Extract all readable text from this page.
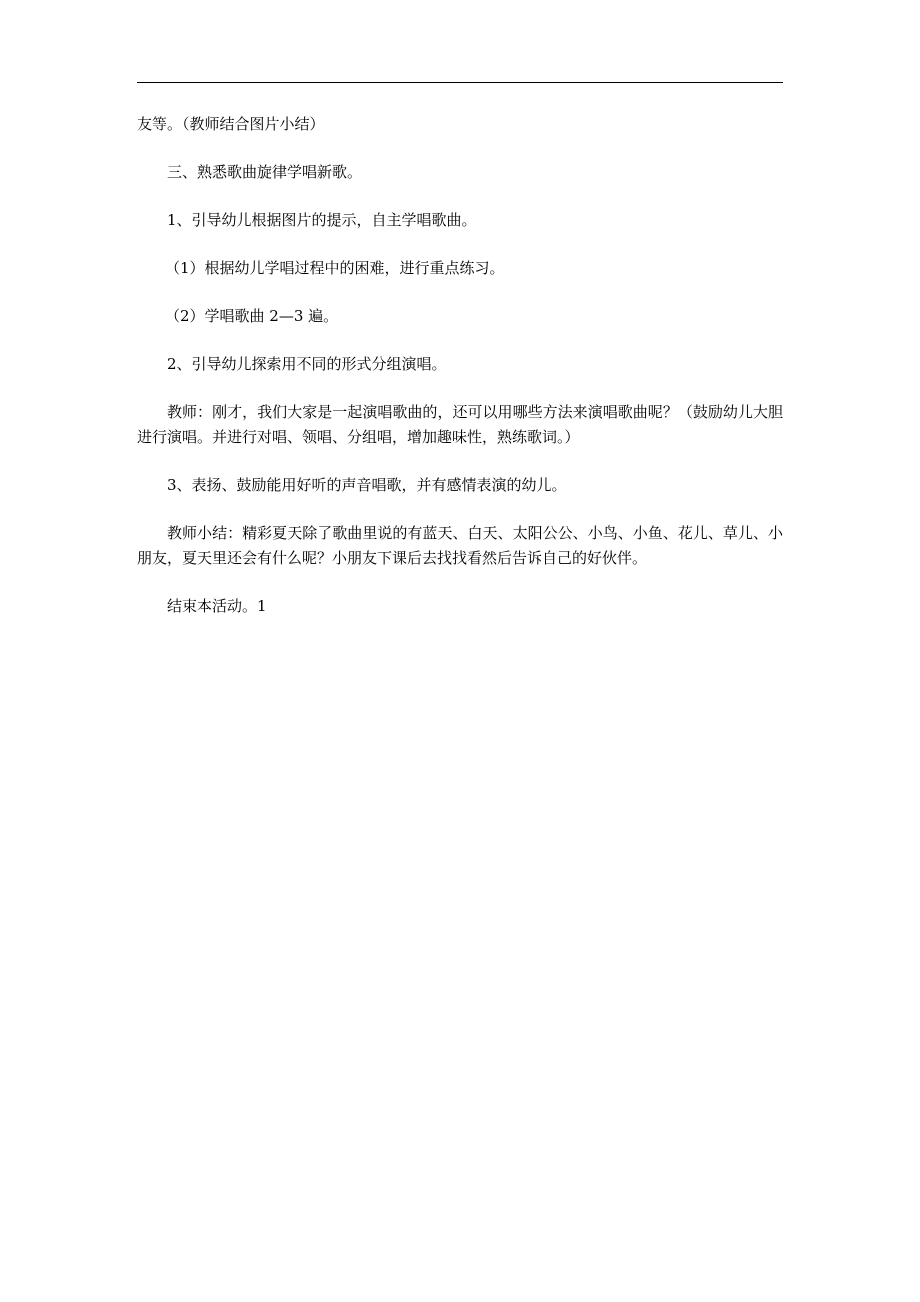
友等。（教师结合图片小结）

三、熟悉歌曲旋律学唱新歌。

1、引导幼儿根据图片的提示，自主学唱歌曲。

（1）根据幼儿学唱过程中的困难，进行重点练习。

（2）学唱歌曲 2—3 遍。

2、引导幼儿探索用不同的形式分组演唱。

教师：刚才，我们大家是一起演唱歌曲的，还可以用哪些方法来演唱歌曲呢？（鼓励幼儿大胆进行演唱。并进行对唱、领唱、分组唱，增加趣味性，熟练歌词。）

3、表扬、鼓励能用好听的声音唱歌，并有感情表演的幼儿。

教师小结：精彩夏天除了歌曲里说的有蓝天、白天、太阳公公、小鸟、小鱼、花儿、草儿、小朋友，夏天里还会有什么呢？小朋友下课后去找找看然后告诉自己的好伙伴。

结束本活动。1
